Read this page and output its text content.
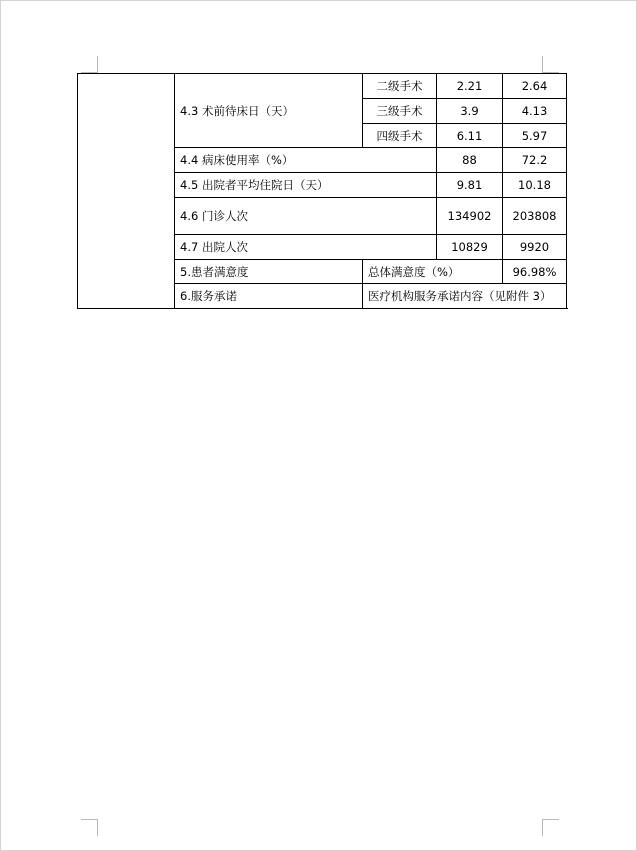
	4.3 术前待床日（天）	二级手术	2.21	2.64	
		三级手术	3.9	4.13	
		四级手术	6.11	5.97	
	4.4 病床使用率（%）		88	72.2	
	4.5 出院者平均住院日（天）		9.81	10.18	
	4.6 门诊人次		134902	203808	
	4.7 出院人次		10829	9920	
	5.患者满意度	总体满意度（%）		96.98%	
	6.服务承诺	医疗机构服务承诺内容（见附件 3）			
